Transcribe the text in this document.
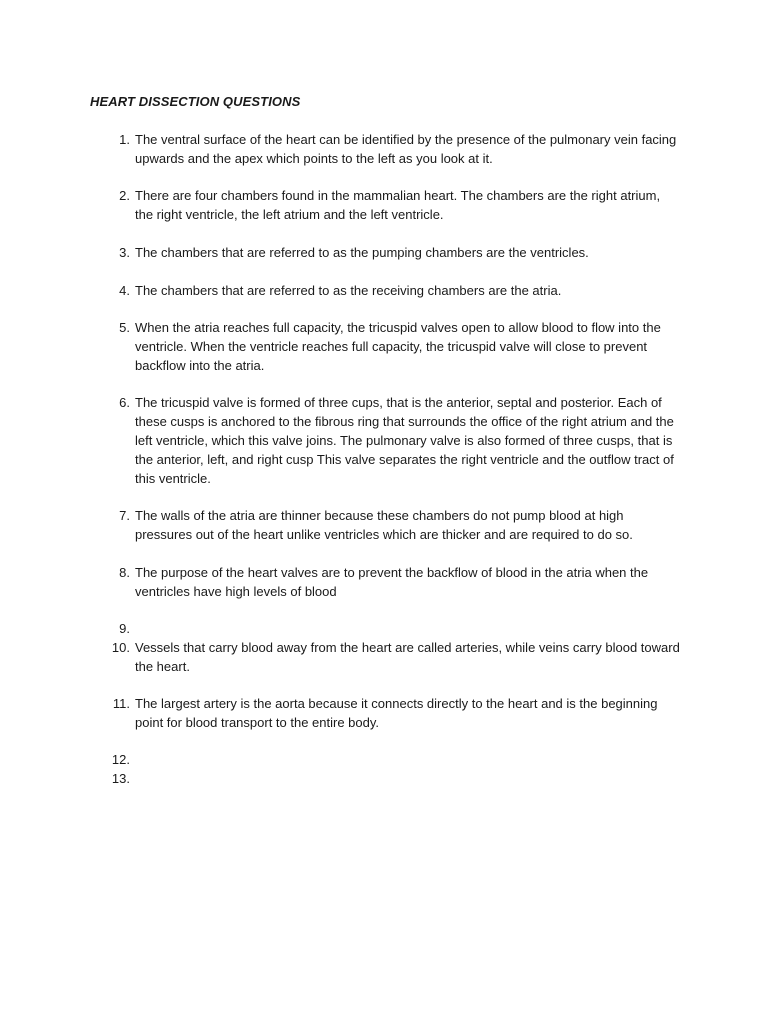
HEART DISSECTION QUESTIONS
1. The ventral surface of the heart can be identified by the presence of the pulmonary vein facing upwards and the apex which points to the left as you look at it.
2. There are four chambers found in the mammalian heart. The chambers are the right atrium, the right ventricle, the left atrium and the left ventricle.
3. The chambers that are referred to as the pumping chambers are the ventricles.
4. The chambers that are referred to as the receiving chambers are the atria.
5. When the atria reaches full capacity, the tricuspid valves open to allow blood to flow into the ventricle. When the ventricle reaches full capacity, the tricuspid valve will close to prevent backflow into the atria.
6. The tricuspid valve is formed of three cups, that is the anterior, septal and posterior. Each of these cusps is anchored to the fibrous ring that surrounds the office of the right atrium and the left ventricle, which this valve joins. The pulmonary valve is also formed of three cusps, that is the anterior, left, and right cusp This valve separates the right ventricle and the outflow tract of this ventricle.
7. The walls of the atria are thinner because these chambers do not pump blood at high pressures out of the heart unlike ventricles which are thicker and are required to do so.
8. The purpose of the heart valves are to prevent the backflow of blood in the atria when the ventricles have high levels of blood
9.
10. Vessels that carry blood away from the heart are called arteries, while veins carry blood toward the heart.
11. The largest artery is the aorta because it connects directly to the heart and is the beginning point for blood transport to the entire body.
12.
13.
